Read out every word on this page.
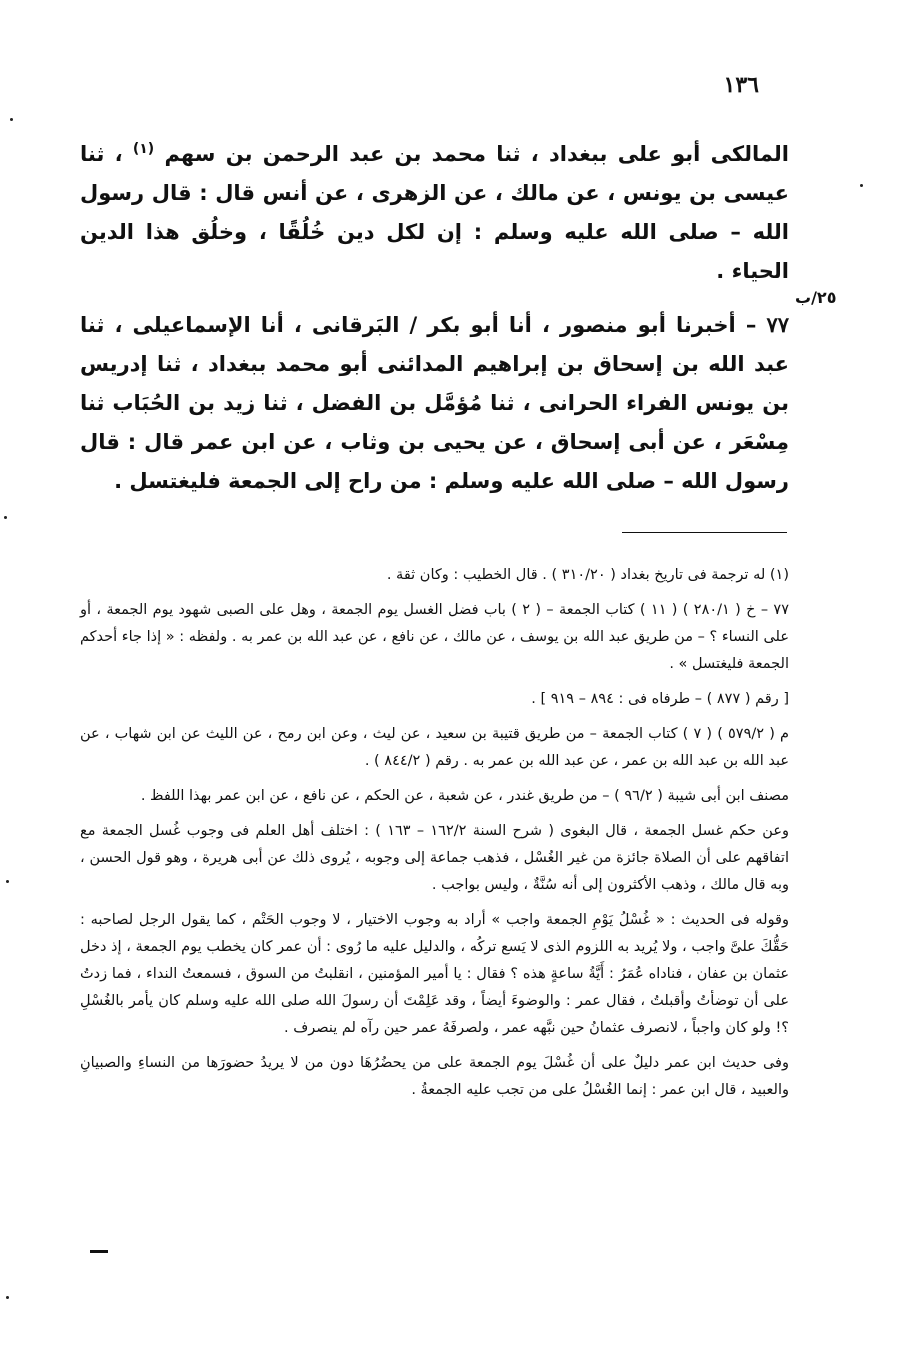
١٣٦

المالكى أبو على ببغداد ، ثنا محمد بن عبد الرحمن بن سهم $^{(١)}$ ، ثنا عيسى بن يونس ، عن مالك ، عن الزهرى ، عن أنس قال : قال رسول الله – صلى الله عليه وسلم : إن لكل دين خُلُقًا ، وخلُق هذا الدين الحياء .

٧٧ – أخبرنا أبو منصور ، أنا أبو بكر / البَرقانى ، أنا الإسماعيلى ، ثنا عبد الله بن إسحاق بن إبراهيم المدائنى أبو محمد ببغداد ، ثنا إدريس بن يونس الفراء الحرانى ، ثنا مُؤمَّل بن الفضل ، ثنا زيد بن الحُبَاب ثنا مِسْعَر ، عن أبى إسحاق ، عن يحيى بن وثاب ، عن ابن عمر قال : قال رسول الله – صلى الله عليه وسلم : من راح إلى الجمعة فليغتسل .

٢٥/ب

(١) له ترجمة فى تاريخ بغداد ( ٣١٠/٢٠ ) . قال الخطيب : وكان ثقة .

٧٧ – خ ( ٢٨٠/١ ) ( ١١ ) كتاب الجمعة – ( ٢ ) باب فضل الغسل يوم الجمعة ، وهل على الصبى شهود يوم الجمعة ، أو على النساء ؟ – من طريق عبد الله بن يوسف ، عن مالك ، عن نافع ، عن عبد الله بن عمر به . ولفظه : « إذا جاء أحدكم الجمعة فليغتسل » .

[ رقم ( ٨٧٧ ) – طرفاه فى : ٨٩٤ – ٩١٩ ] .

م ( ٥٧٩/٢ ) ( ٧ ) كتاب الجمعة – من طريق قتيبة بن سعيد ، عن ليث ، وعن ابن رمح ، عن الليث عن ابن شهاب ، عن عبد الله بن عبد الله بن عمر ، عن عبد الله بن عمر به . رقم ( ٨٤٤/٢ ) .

مصنف ابن أبى شيبة ( ٩٦/٢ ) – من طريق غندر ، عن شعبة ، عن الحكم ، عن نافع ، عن ابن عمر بهذا اللفظ .

وعن حكم غسل الجمعة ، قال البغوى ( شرح السنة ١٦٢/٢ – ١٦٣ ) : اختلف أهل العلم فى وجوب غُسل الجمعة مع اتفاقهم على أن الصلاة جائزة من غير الغُسْل ، فذهب جماعة إلى وجوبه ، يُروى ذلك عن أبى هريرة ، وهو قول الحسن ، وبه قال مالك ، وذهب الأكثرون إلى أنه سُنَّةٌ ، وليس بواجب .

وقوله فى الحديث : « غُسْلُ يَوْمِ الجمعة واجب » أراد به وجوب الاختيار ، لا وجوب الحَتْم ، كما يقول الرجل لصاحبه : حَقُّكَ علىَّ واجب ، ولا يُريد به اللزوم الذى لا يَسع تركُه ، والدليل عليه ما رُوى : أن عمر كان يخطب يوم الجمعة ، إذ دخل عثمان بن عفان ، فناداه عُمَرُ : أَيَّةُ ساعةٍ هذه ؟ فقال : يا أمير المؤمنين ، انقلبتُ من السوق ، فسمعتُ النداء ، فما زدتُ على أن توضأتُ وأقبلتُ ، فقال عمر : والوضوءَ أيضاً ، وقد عَلِمْتَ أن رسولَ الله صلى الله عليه وسلم كان يأمر بالغُسْلِ ؟! ولو كان واجباً ، لانصرف عثمانُ حين نبَّهه عمر ، ولصرفَهُ عمر حين رآه لم ينصرف .

وفى حديث ابن عمر دليلٌ على أن غُسْلَ يوم الجمعة على من يحضُرُهَا دون من لا يريدُ حضورَها من النساءِ والصبيانِ والعبيد ، قال ابن عمر : إنما الغُسْلُ على من تجب عليه الجمعةُ .
